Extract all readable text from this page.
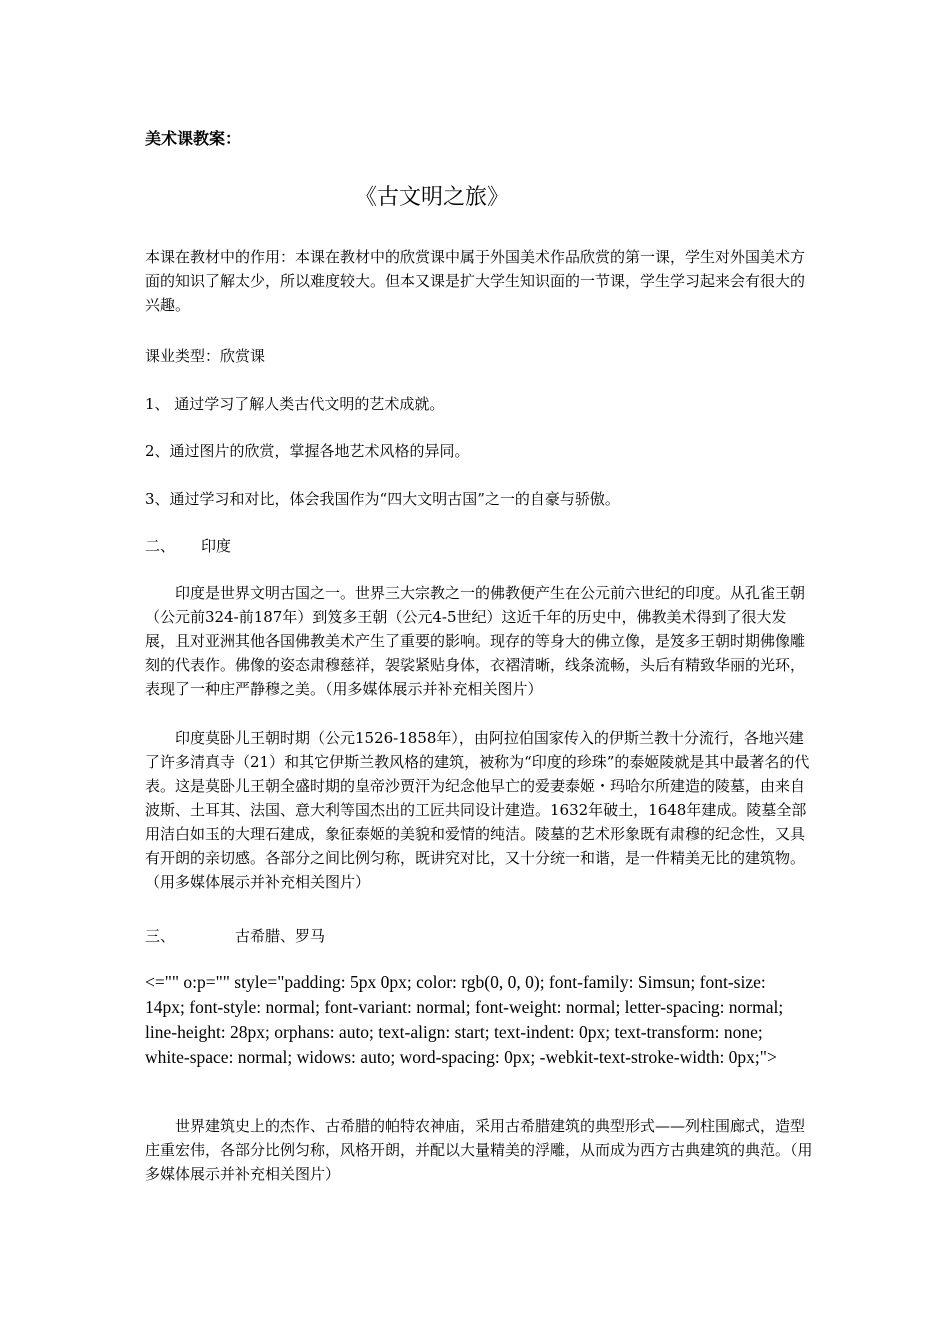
美术课教案：

《古文明之旅》

本课在教材中的作用：本课在教材中的欣赏课中属于外国美术作品欣赏的第一课，学生对外国美术方面的知识了解太少，所以难度较大。但本又课是扩大学生知识面的一节课，学生学习起来会有很大的兴趣。

课业类型：欣赏课

1、 通过学习了解人类古代文明的艺术成就。

2、通过图片的欣赏，掌握各地艺术风格的异同。

3、通过学习和对比，体会我国作为“四大文明古国”之一的自豪与骄傲。

二、 印度

印度是世界文明古国之一。世界三大宗教之一的佛教便产生在公元前六世纪的印度。从孔雀王朝（公元前324-前187年）到笈多王朝（公元4-5世纪）这近千年的历史中，佛教美术得到了很大发展，且对亚洲其他各国佛教美术产生了重要的影响。现存的等身大的佛立像，是笈多王朝时期佛像雕刻的代表作。佛像的姿态肃穆慈祥，袈裟紧贴身体，衣褶清晰，线条流畅，头后有精致华丽的光环，表现了一种庄严静穆之美。（用多媒体展示并补充相关图片）

印度莫卧儿王朝时期（公元1526-1858年），由阿拉伯国家传入的伊斯兰教十分流行，各地兴建了许多清真寺（21）和其它伊斯兰教风格的建筑，被称为“印度的珍珠”的泰姬陵就是其中最著名的代表。这是莫卧儿王朝全盛时期的皇帝沙贾汗为纪念他早亡的爱妻泰姬・玛哈尔所建造的陵墓，由来自波斯、土耳其、法国、意大利等国杰出的工匠共同设计建造。1632年破土，1648年建成。陵墓全部用洁白如玉的大理石建成，象征泰姬的美貌和爱情的纯洁。陵墓的艺术形象既有肃穆的纪念性，又具有开朗的亲切感。各部分之间比例匀称，既讲究对比，又十分统一和谐，是一件精美无比的建筑物。（用多媒体展示并补充相关图片）

三、	古希腊、罗马

<="" o:p="" style="padding: 5px 0px; color: rgb(0, 0, 0); font-family: Simsun; font-size: 14px; font-style: normal; font-variant: normal; font-weight: normal; letter-spacing: normal; line-height: 28px; orphans: auto; text-align: start; text-indent: 0px; text-transform: none; white-space: normal; widows: auto; word-spacing: 0px; -webkit-text-stroke-width: 0px;">

世界建筑史上的杰作、古希腊的帕特农神庙，采用古希腊建筑的典型形式——列柱围廊式，造型庄重宏伟，各部分比例匀称，风格开朗，并配以大量精美的浮雕，从而成为西方古典建筑的典范。（用多媒体展示并补充相关图片）
